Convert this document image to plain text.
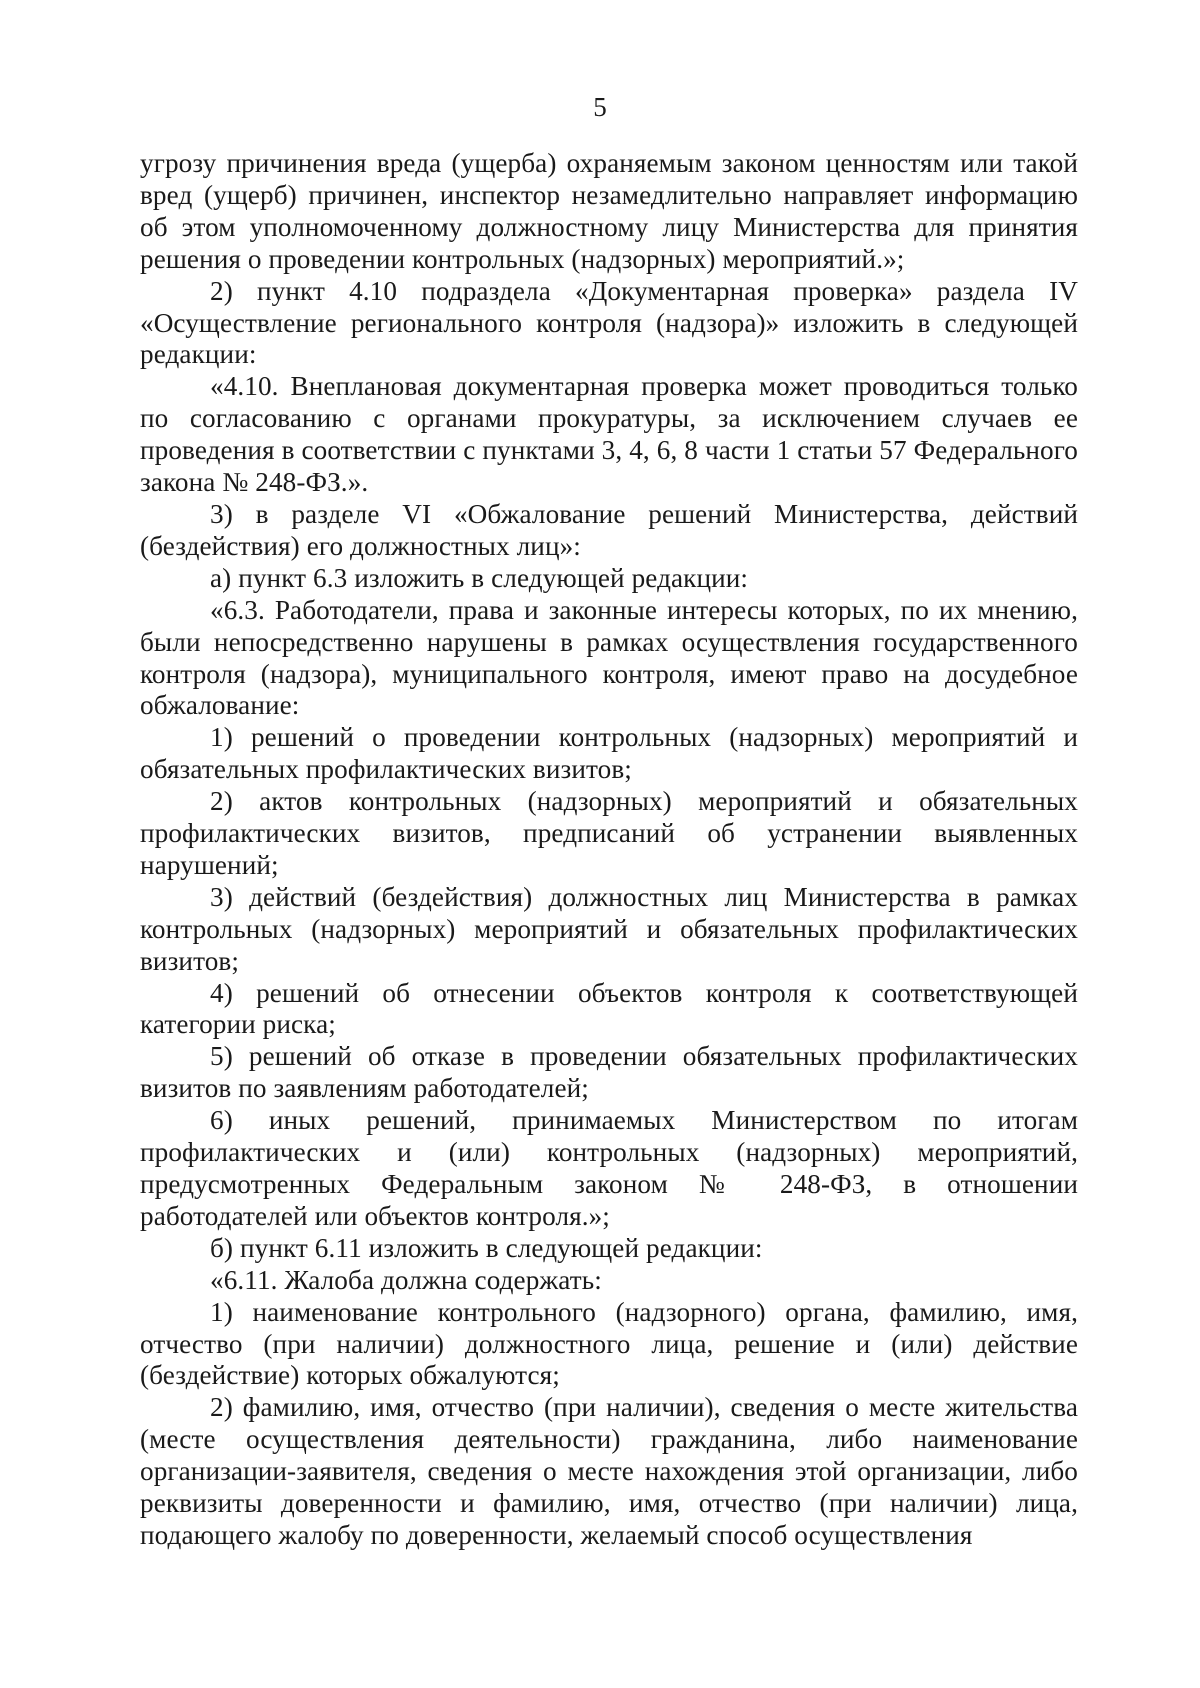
5

угрозу причинения вреда (ущерба) охраняемым законом ценностям или такой вред (ущерб) причинен, инспектор незамедлительно направляет информацию об этом уполномоченному должностному лицу Министерства для принятия решения о проведении контрольных (надзорных) мероприятий.»;

2) пункт 4.10 подраздела «Документарная проверка» раздела IV «Осуществление регионального контроля (надзора)» изложить в следующей редакции:

«4.10. Внеплановая документарная проверка может проводиться только по согласованию с органами прокуратуры, за исключением случаев ее проведения в соответствии с пунктами 3, 4, 6, 8 части 1 статьи 57 Федерального закона № 248-ФЗ.».

3) в разделе VI «Обжалование решений Министерства, действий (бездействия) его должностных лиц»:

а) пункт 6.3 изложить в следующей редакции:

«6.3. Работодатели, права и законные интересы которых, по их мнению, были непосредственно нарушены в рамках осуществления государственного контроля (надзора), муниципального контроля, имеют право на досудебное обжалование:

1) решений о проведении контрольных (надзорных) мероприятий и обязательных профилактических визитов;

2) актов контрольных (надзорных) мероприятий и обязательных профилактических визитов, предписаний об устранении выявленных нарушений;

3) действий (бездействия) должностных лиц Министерства в рамках контрольных (надзорных) мероприятий и обязательных профилактических визитов;

4) решений об отнесении объектов контроля к соответствующей категории риска;

5) решений об отказе в проведении обязательных профилактических визитов по заявлениям работодателей;

6) иных решений, принимаемых Министерством по итогам профилактических и (или) контрольных (надзорных) мероприятий, предусмотренных Федеральным законом № 248-ФЗ, в отношении работодателей или объектов контроля.»;

б) пункт 6.11 изложить в следующей редакции:

«6.11. Жалоба должна содержать:

1) наименование контрольного (надзорного) органа, фамилию, имя, отчество (при наличии) должностного лица, решение и (или) действие (бездействие) которых обжалуются;

2) фамилию, имя, отчество (при наличии), сведения о месте жительства (месте осуществления деятельности) гражданина, либо наименование организации-заявителя, сведения о месте нахождения этой организации, либо реквизиты доверенности и фамилию, имя, отчество (при наличии) лица, подающего жалобу по доверенности, желаемый способ осуществления
